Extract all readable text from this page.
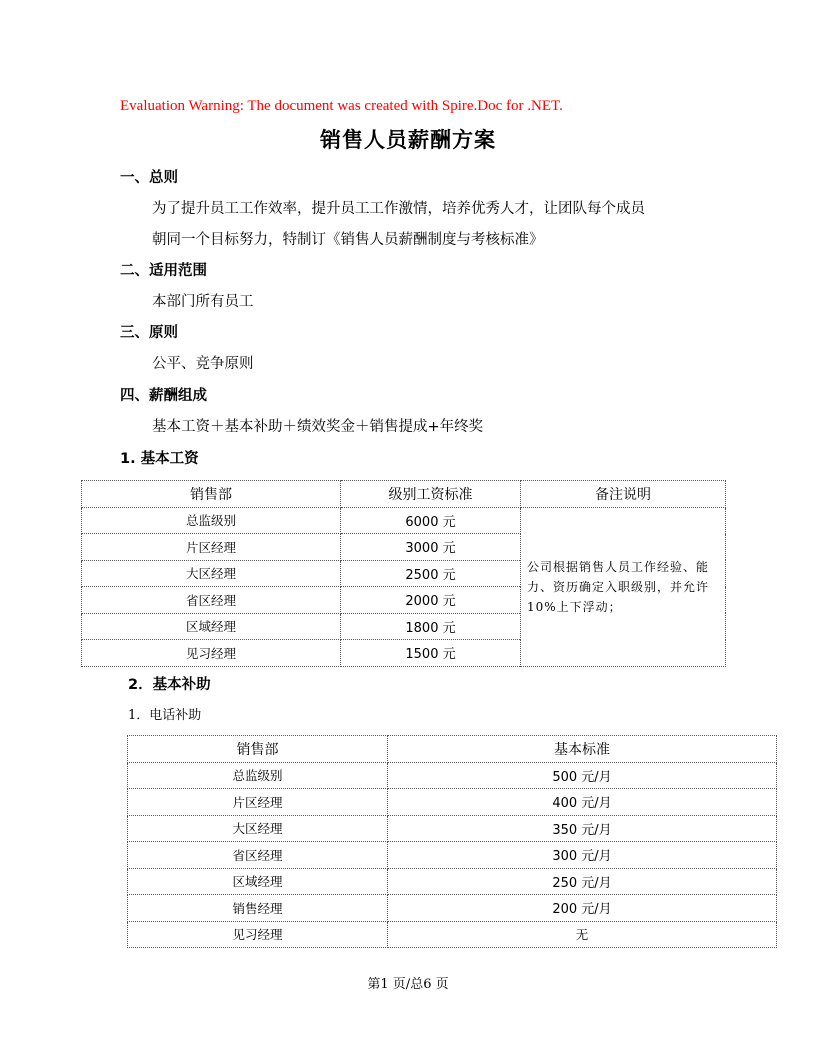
Evaluation Warning: The document was created with Spire.Doc for .NET.
销售人员薪酬方案
一、总则
为了提升员工工作效率，提升员工工作激情，培养优秀人才，让团队每个成员
朝同一个目标努力，特制订《销售人员薪酬制度与考核标准》
二、适用范围
本部门所有员工
三、原则
公平、竞争原则
四、薪酬组成
基本工资＋基本补助＋绩效奖金＋销售提成+年终奖
1. 基本工资
销售部	级别工资标准	备注说明
总监级别	6000 元	公司根据销售人员工作经验、能力、资历确定入职级别，并允许 10%上下浮动；
片区经理	3000 元	
大区经理	2500 元	
省区经理	2000 元	
区域经理	1800 元	
见习经理	1500 元	
2．基本补助
1．电话补助
销售部	基本标准
总监级别	500 元/月
片区经理	400 元/月
大区经理	350 元/月
省区经理	300 元/月
区域经理	250 元/月
销售经理	200 元/月
见习经理	无
第1 页/总6 页
